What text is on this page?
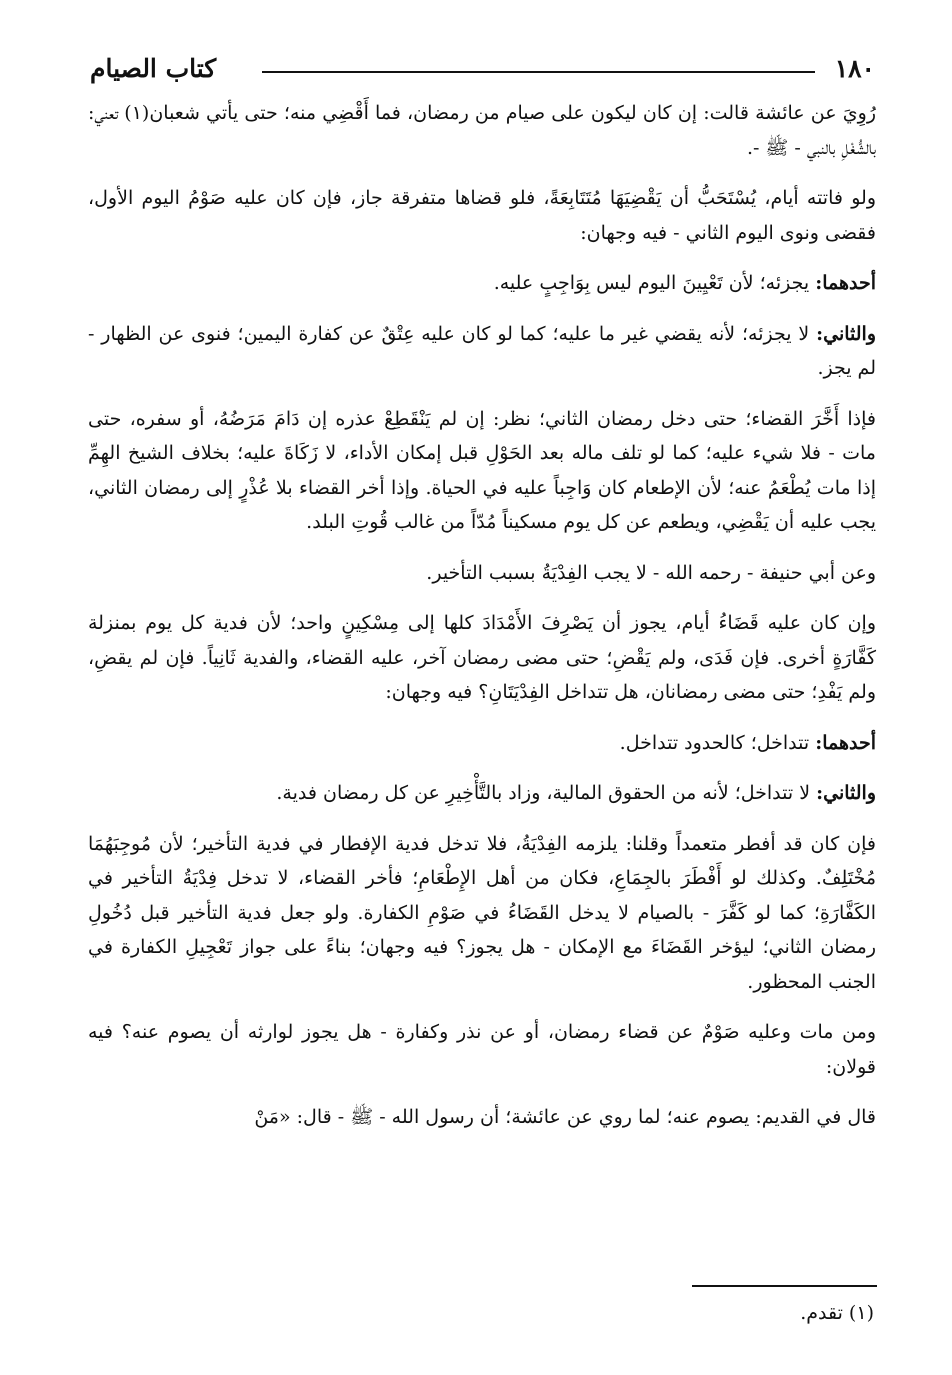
١٨٠
كتاب الصيام

رُوِيَ عن عائشة قالت: إن كان ليكون على صيام من رمضان، فما أَقْضِي منه؛ حتى يأتي شعبان(١) تعني: بالشُّغْلِ بالنبي - ﷺ -.

ولو فاتته أيام، يُسْتَحَبُّ أن يَقْضِيَهَا مُتَتَابِعَةً، فلو قضاها متفرقة جاز، فإن كان عليه صَوْمُ اليوم الأول، فقضى ونوى اليوم الثاني - فيه وجهان:

أحدهما: يجزئه؛ لأن تَعْيِينَ اليوم ليس بِوَاجِبٍ عليه.

والثاني: لا يجزئه؛ لأنه يقضي غير ما عليه؛ كما لو كان عليه عِتْقٌ عن كفارة اليمين؛ فنوى عن الظهار - لم يجز.

فإذا أَخَّرَ القضاء؛ حتى دخل رمضان الثاني؛ نظر: إن لم يَنْقَطِعْ عذره إن دَامَ مَرَضُهُ، أو سفره، حتى مات - فلا شيء عليه؛ كما لو تلف ماله بعد الحَوْلِ قبل إمكان الأداء، لا زَكَاةَ عليه؛ بخلاف الشيخ الهِمِّ إذا مات يُطْعَمُ عنه؛ لأن الإطعام كان وَاجِباً عليه في الحياة. وإذا أخر القضاء بلا عُذْرٍ إلى رمضان الثاني، يجب عليه أن يَقْضِي، ويطعم عن كل يوم مسكيناً مُدّاً من غالب قُوتِ البلد.

وعن أبي حنيفة - رحمه الله - لا يجب الفِدْيَةُ بسبب التأخير.

وإن كان عليه قَضَاءُ أيام، يجوز أن يَصْرِفَ الأَمْدَادَ كلها إلى مِسْكِينٍ واحد؛ لأن فدية كل يوم بمنزلة كَفَّارَةٍ أخرى. فإن فَدَى، ولم يَقْضِ؛ حتى مضى رمضان آخر، عليه القضاء، والفدية ثَانِياً. فإن لم يقضِ، ولم يَفْدِ؛ حتى مضى رمضانان، هل تتداخل الفِدْيَتَانِ؟ فيه وجهان:

أحدهما: تتداخل؛ كالحدود تتداخل.

والثاني: لا تتداخل؛ لأنه من الحقوق المالية، وزاد بالتَّأْخِيرِ عن كل رمضان فدية.

فإن كان قد أفطر متعمداً وقلنا: يلزمه الفِدْيَةُ، فلا تدخل فدية الإفطار في فدية التأخير؛ لأن مُوجِبَهُمَا مُخْتَلِفٌ. وكذلك لو أَفْطَرَ بالجِمَاعِ، فكان من أهل الإِطْعَامِ؛ فأخر القضاء، لا تدخل فِدْيَةُ التأخير في الكَفَّارَةِ؛ كما لو كَفَّرَ - بالصيام لا يدخل القَضَاءُ في صَوْمِ الكفارة. ولو جعل فدية التأخير قبل دُخُولِ رمضان الثاني؛ ليؤخر القَضَاءَ مع الإمكان - هل يجوز؟ فيه وجهان؛ بناءً على جواز تَعْجِيلِ الكفارة في الجنب المحظور.

ومن مات وعليه صَوْمٌ عن قضاء رمضان، أو عن نذر وكفارة - هل يجوز لوارثه أن يصوم عنه؟ فيه قولان:

قال في القديم: يصوم عنه؛ لما روي عن عائشة؛ أن رسول الله - ﷺ - قال: «مَنْ

(١) تقدم.
